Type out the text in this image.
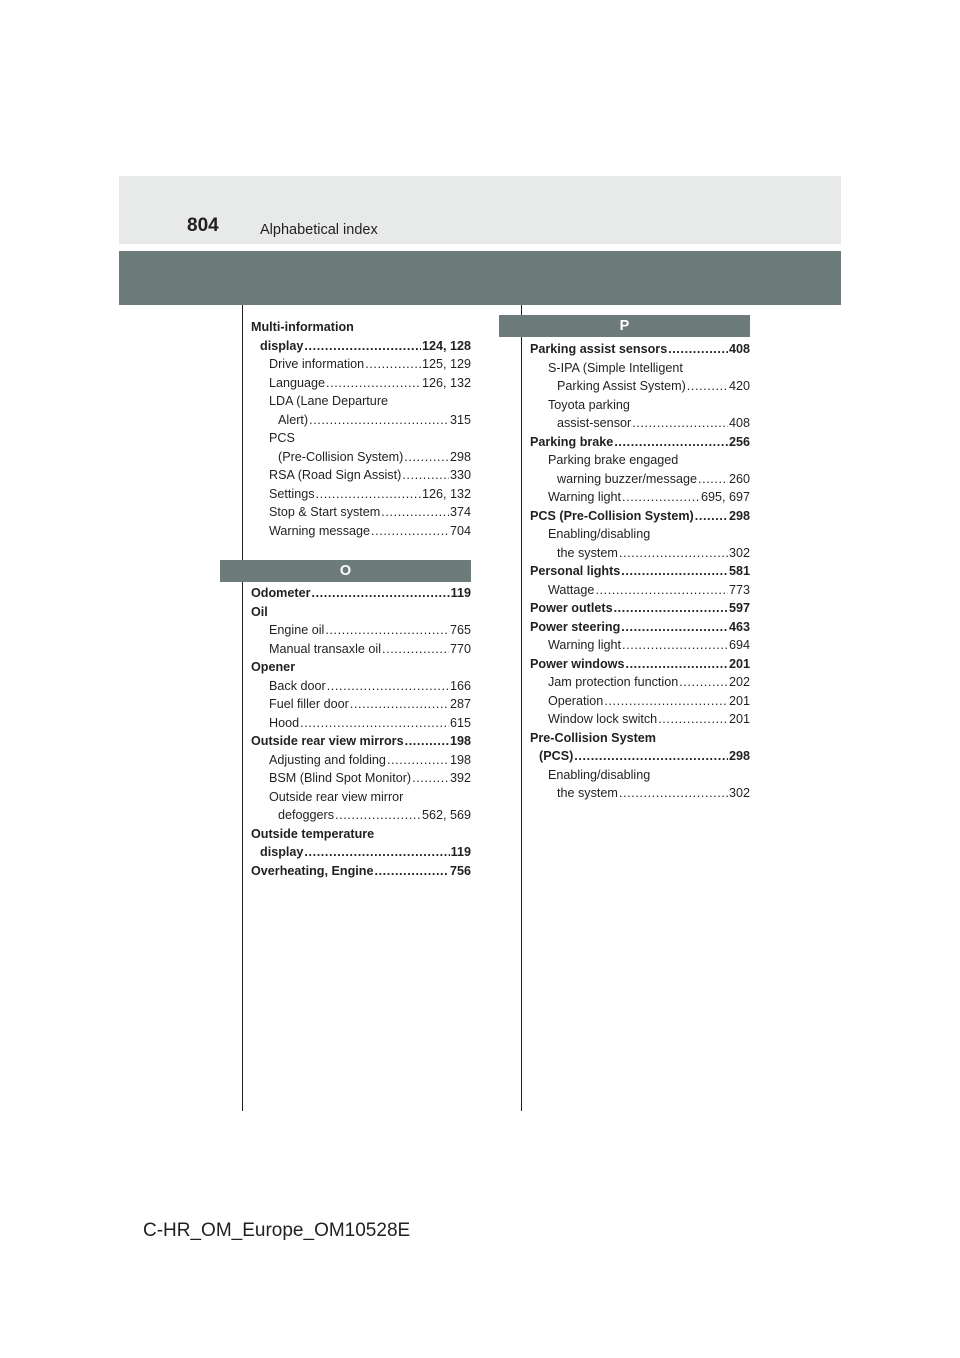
804	Alphabetical index
Multi-information
display .....	124, 128
Drive information .....	125, 129
Language .....	126, 132
LDA (Lane Departure
Alert) .....	315
PCS
(Pre-Collision System) .....	298
RSA (Road Sign Assist) .....	330
Settings .....	126, 132
Stop & Start system .....	374
Warning message .....	704
O
Odometer .....	119
Oil
Engine oil .....	765
Manual transaxle oil .....	770
Opener
Back door .....	166
Fuel filler door .....	287
Hood .....	615
Outside rear view mirrors .....	198
Adjusting and folding .....	198
BSM (Blind Spot Monitor) .....	392
Outside rear view mirror
defoggers .....	562, 569
Outside temperature
display .....	119
Overheating, Engine .....	756
P
Parking assist sensors .....	408
S-IPA (Simple Intelligent
Parking Assist System) .....	420
Toyota parking
assist-sensor .....	408
Parking brake .....	256
Parking brake engaged
warning buzzer/message .....	260
Warning light .....	695, 697
PCS (Pre-Collision System) .....	298
Enabling/disabling
the system .....	302
Personal lights .....	581
Wattage .....	773
Power outlets .....	597
Power steering .....	463
Warning light .....	694
Power windows .....	201
Jam protection function .....	202
Operation .....	201
Window lock switch .....	201
Pre-Collision System
(PCS) .....	298
Enabling/disabling
the system .....	302
C-HR_OM_Europe_OM10528E
